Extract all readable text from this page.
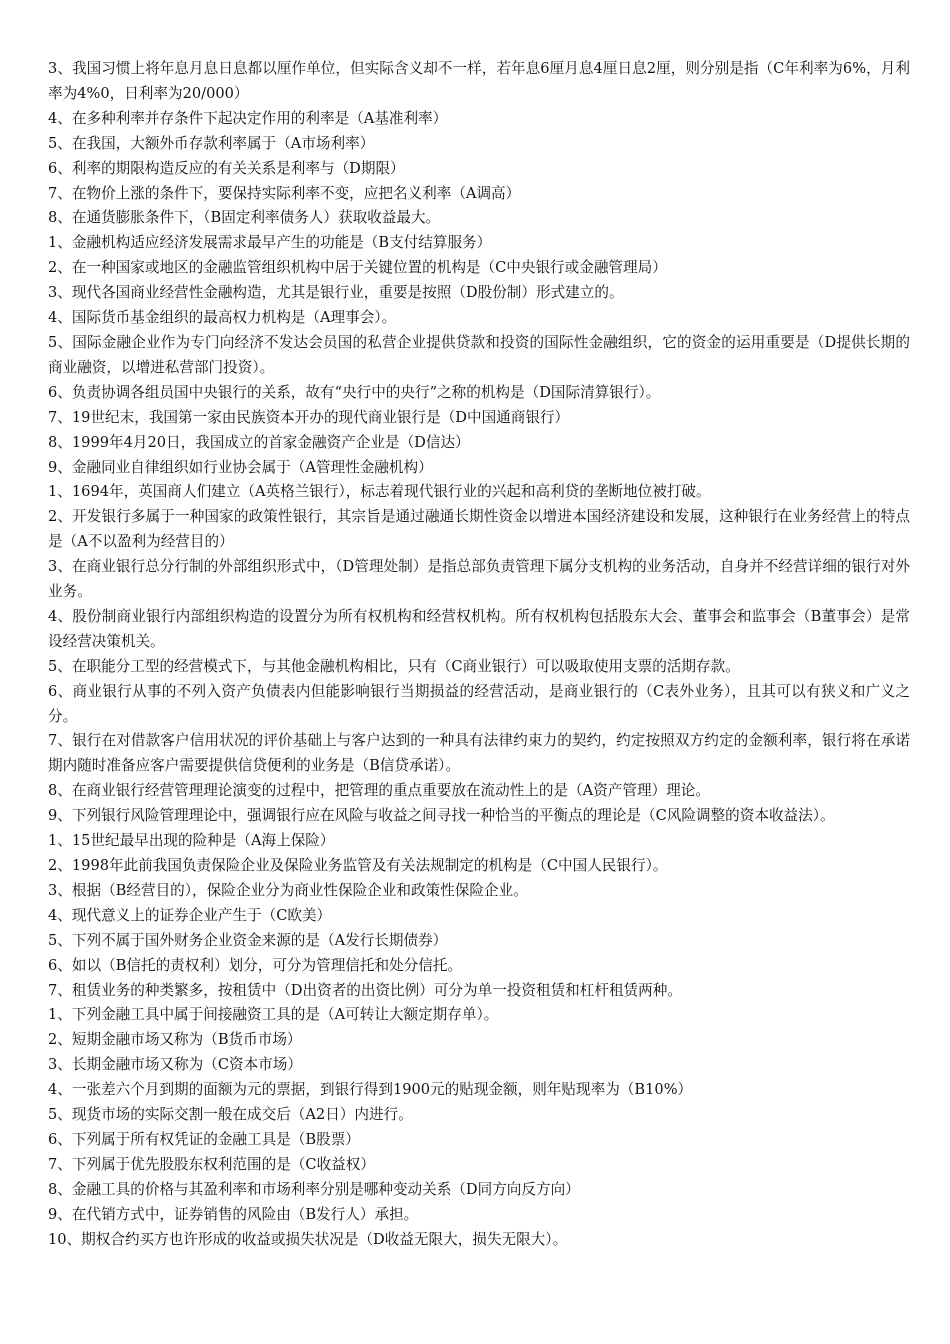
3、我国习惯上将年息月息日息都以厘作单位，但实际含义却不一样，若年息6厘月息4厘日息2厘，则分别是指（C年利率为6%，月利率为4%0，日利率为20/000）

4、在多种利率并存条件下起决定作用的利率是（A基准利率）

5、在我国，大额外币存款利率属于（A市场利率）

6、利率的期限构造反应的有关关系是利率与（D期限）

7、在物价上涨的条件下，要保持实际利率不变，应把名义利率（A调高）

8、在通货膨胀条件下，（B固定利率债务人）获取收益最大。

1、金融机构适应经济发展需求最早产生的功能是（B支付结算服务）

2、在一种国家或地区的金融监管组织机构中居于关键位置的机构是（C中央银行或金融管理局）

3、现代各国商业经营性金融构造，尤其是银行业，重要是按照（D股份制）形式建立的。

4、国际货币基金组织的最高权力机构是（A理事会）。

5、国际金融企业作为专门向经济不发达会员国的私营企业提供贷款和投资的国际性金融组织，它的资金的运用重要是（D提供长期的商业融资，以增进私营部门投资）。

6、负责协调各组员国中央银行的关系，故有“央行中的央行”之称的机构是（D国际清算银行）。

7、19世纪末，我国第一家由民族资本开办的现代商业银行是（D中国通商银行）

8、1999年4月20日，我国成立的首家金融资产企业是（D信达）

9、金融同业自律组织如行业协会属于（A管理性金融机构）

1、1694年，英国商人们建立（A英格兰银行），标志着现代银行业的兴起和高利贷的垄断地位被打破。

2、开发银行多属于一种国家的政策性银行，其宗旨是通过融通长期性资金以增进本国经济建设和发展，这种银行在业务经营上的特点是（A不以盈利为经营目的）

3、在商业银行总分行制的外部组织形式中，（D管理处制）是指总部负责管理下属分支机构的业务活动，自身并不经营详细的银行对外业务。

4、股份制商业银行内部组织构造的设置分为所有权机构和经营权机构。所有权机构包括股东大会、董事会和监事会（B董事会）是常设经营决策机关。

5、在职能分工型的经营模式下，与其他金融机构相比，只有（C商业银行）可以吸取使用支票的活期存款。

6、商业银行从事的不列入资产负债表内但能影响银行当期损益的经营活动，是商业银行的（C表外业务），且其可以有狭义和广义之分。

7、银行在对借款客户信用状况的评价基础上与客户达到的一种具有法律约束力的契约，约定按照双方约定的金额利率，银行将在承诺期内随时准备应客户需要提供信贷便利的业务是（B信贷承诺）。

8、在商业银行经营管理理论演变的过程中，把管理的重点重要放在流动性上的是（A资产管理）理论。

9、下列银行风险管理理论中，强调银行应在风险与收益之间寻找一种恰当的平衡点的理论是（C风险调整的资本收益法）。

1、15世纪最早出现的险种是（A海上保险）

2、1998年此前我国负责保险企业及保险业务监管及有关法规制定的机构是（C中国人民银行）。

3、根据（B经营目的），保险企业分为商业性保险企业和政策性保险企业。

4、现代意义上的证券企业产生于（C欧美）

5、下列不属于国外财务企业资金来源的是（A发行长期债券）

6、如以（B信托的责权利）划分，可分为管理信托和处分信托。

7、租赁业务的种类繁多，按租赁中（D出资者的出资比例）可分为单一投资租赁和杠杆租赁两种。

1、下列金融工具中属于间接融资工具的是（A可转让大额定期存单）。

2、短期金融市场又称为（B货币市场）

3、长期金融市场又称为（C资本市场）

4、一张差六个月到期的面额为元的票据，到银行得到1900元的贴现金额，则年贴现率为（B10%）

5、现货市场的实际交割一般在成交后（A2日）内进行。

6、下列属于所有权凭证的金融工具是（B股票）

7、下列属于优先股股东权利范围的是（C收益权）

8、金融工具的价格与其盈利率和市场利率分别是哪种变动关系（D同方向反方向）

9、在代销方式中，证券销售的风险由（B发行人）承担。

10、期权合约买方也许形成的收益或损失状况是（D收益无限大，损失无限大）。
